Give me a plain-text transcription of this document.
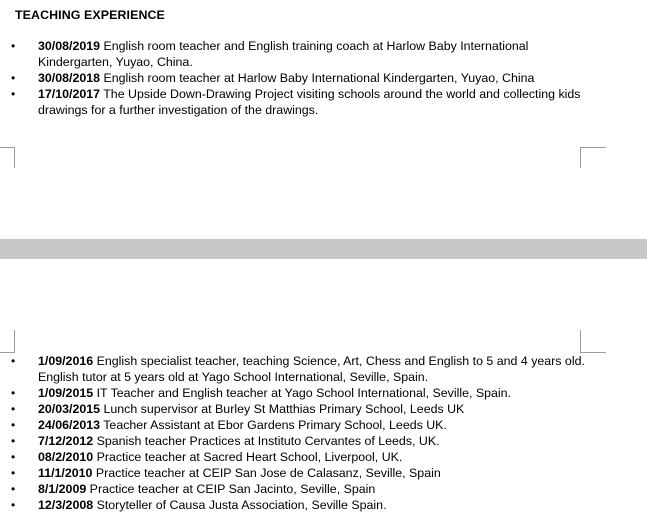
TEACHING EXPERIENCE
• 30/08/2019 English room teacher and English training coach at Harlow Baby International Kindergarten, Yuyao, China.
• 30/08/2018 English room teacher at Harlow Baby International Kindergarten, Yuyao, China
• 17/10/2017 The Upside Down-Drawing Project visiting schools around the world and collecting kids drawings for a further investigation of the drawings.
• 1/09/2016 English specialist teacher, teaching Science, Art, Chess and English to 5 and 4 years old. English tutor at 5 years old at Yago School International, Seville, Spain.
• 1/09/2015 IT Teacher and English teacher at Yago School International, Seville, Spain.
• 20/03/2015 Lunch supervisor at Burley St Matthias Primary School, Leeds UK
• 24/06/2013 Teacher Assistant at Ebor Gardens Primary School, Leeds UK.
• 7/12/2012 Spanish teacher Practices at Instituto Cervantes of Leeds, UK.
• 08/2/2010 Practice teacher at Sacred Heart School, Liverpool, UK.
• 11/1/2010 Practice teacher at CEIP San Jose de Calasanz, Seville, Spain
• 8/1/2009 Practice teacher at CEIP San Jacinto, Seville, Spain
• 12/3/2008 Storyteller of Causa Justa Association, Seville Spain.
